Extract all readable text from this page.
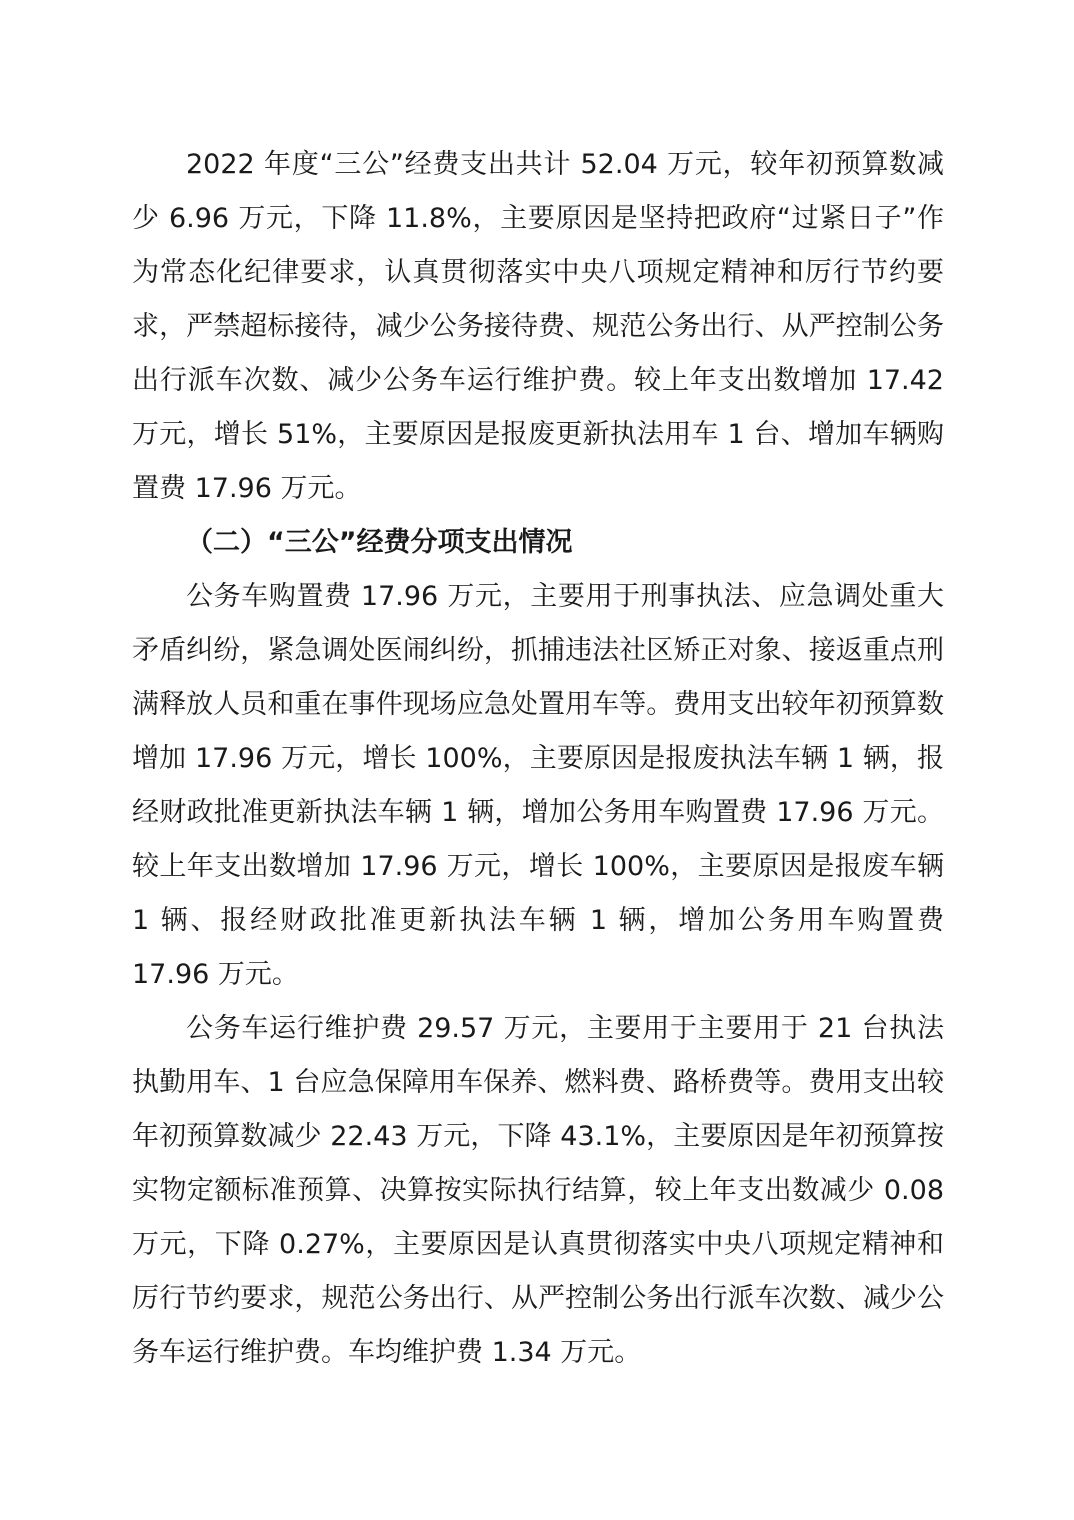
2022 年度“三公”经费支出共计 52.04 万元，较年初预算数减少 6.96 万元，下降 11.8%，主要原因是坚持把政府“过紧日子”作为常态化纪律要求，认真贯彻落实中央八项规定精神和厉行节约要求，严禁超标接待，减少公务接待费、规范公务出行、从严控制公务出行派车次数、减少公务车运行维护费。较上年支出数增加 17.42 万元，增长 51%，主要原因是报废更新执法用车 1 台、增加车辆购置费 17.96 万元。

（二）“三公”经费分项支出情况

公务车购置费 17.96 万元，主要用于刑事执法、应急调处重大矛盾纠纷，紧急调处医闹纠纷，抓捕违法社区矫正对象、接返重点刑满释放人员和重在事件现场应急处置用车等。费用支出较年初预算数增加 17.96 万元，增长 100%，主要原因是报废执法车辆 1 辆，报经财政批准更新执法车辆 1 辆，增加公务用车购置费 17.96 万元。较上年支出数增加 17.96 万元，增长 100%，主要原因是报废车辆 1 辆、报经财政批准更新执法车辆 1 辆，增加公务用车购置费 17.96 万元。

公务车运行维护费 29.57 万元，主要用于主要用于 21 台执法执勤用车、1 台应急保障用车保养、燃料费、路桥费等。费用支出较年初预算数减少 22.43 万元，下降 43.1%，主要原因是年初预算按实物定额标准预算、决算按实际执行结算，较上年支出数减少 0.08 万元，下降 0.27%，主要原因是认真贯彻落实中央八项规定精神和厉行节约要求，规范公务出行、从严控制公务出行派车次数、减少公务车运行维护费。车均维护费 1.34 万元。
